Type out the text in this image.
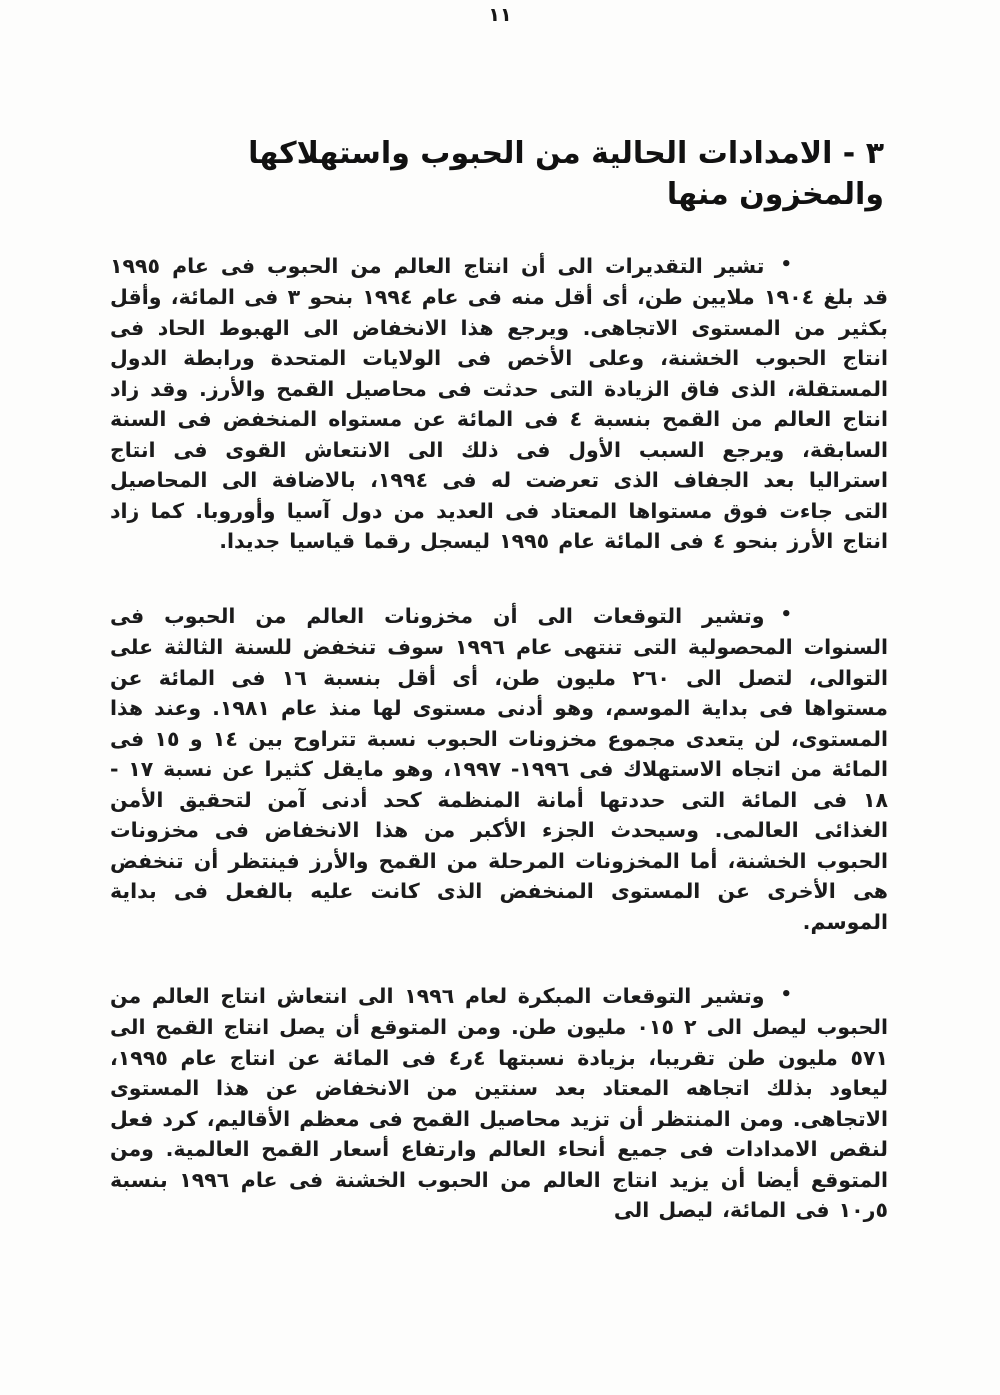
١١
٣ - الامدادات الحالية من الحبوب واستهلاكها والمخزون منها

•تشير التقديرات الى أن انتاج العالم من الحبوب فى عام ١٩٩٥ قد بلغ ١٩٠٤ ملايين طن، أى أقل منه فى عام ١٩٩٤ بنحو ٣ فى المائة، وأقل بكثير من المستوى الاتجاهى. ويرجع هذا الانخفاض الى الهبوط الحاد فى انتاج الحبوب الخشنة، وعلى الأخص فى الولايات المتحدة ورابطة الدول المستقلة، الذى فاق الزيادة التى حدثت فى محاصيل القمح والأرز. وقد زاد انتاج العالم من القمح بنسبة ٤ فى المائة عن مستواه المنخفض فى السنة السابقة، ويرجع السبب الأول فى ذلك الى الانتعاش القوى فى انتاج استراليا بعد الجفاف الذى تعرضت له فى ١٩٩٤، بالاضافة الى المحاصيل التى جاءت فوق مستواها المعتاد فى العديد من دول آسيا وأوروبا. كما زاد انتاج الأرز بنحو ٤ فى المائة عام ١٩٩٥ ليسجل رقما قياسيا جديدا.

•وتشير التوقعات الى أن مخزونات العالم من الحبوب فى السنوات المحصولية التى تنتهى عام ١٩٩٦ سوف تنخفض للسنة الثالثة على التوالى، لتصل الى ٢٦٠ مليون طن، أى أقل بنسبة ١٦ فى المائة عن مستواها فى بداية الموسم، وهو أدنى مستوى لها منذ عام ١٩٨١. وعند هذا المستوى، لن يتعدى مجموع مخزونات الحبوب نسبة تتراوح بين ١٤ و ١٥ فى المائة من اتجاه الاستهلاك فى ١٩٩٦- ١٩٩٧، وهو مايقل كثيرا عن نسبة ١٧ - ١٨ فى المائة التى حددتها أمانة المنظمة كحد أدنى آمن لتحقيق الأمن الغذائى العالمى. وسيحدث الجزء الأكبر من هذا الانخفاض فى مخزونات الحبوب الخشنة، أما المخزونات المرحلة من القمح والأرز فينتظر أن تنخفض هى الأخرى عن المستوى المنخفض الذى كانت عليه بالفعل فى بداية الموسم.

•وتشير التوقعات المبكرة لعام ١٩٩٦ الى انتعاش انتاج العالم من الحبوب ليصل الى ٢ ٠١٥ مليون طن. ومن المتوقع أن يصل انتاج القمح الى ٥٧١ مليون طن تقريبا، بزيادة نسبتها ٤ر٤ فى المائة عن انتاج عام ١٩٩٥، ليعاود بذلك اتجاهه المعتاد بعد سنتين من الانخفاض عن هذا المستوى الاتجاهى. ومن المنتظر أن تزيد محاصيل القمح فى معظم الأقاليم، كرد فعل لنقص الامدادات فى جميع أنحاء العالم وارتفاع أسعار القمح العالمية. ومن المتوقع أيضا أن يزيد انتاج العالم من الحبوب الخشنة فى عام ١٩٩٦ بنسبة ٥ر١٠ فى المائة، ليصل الى
